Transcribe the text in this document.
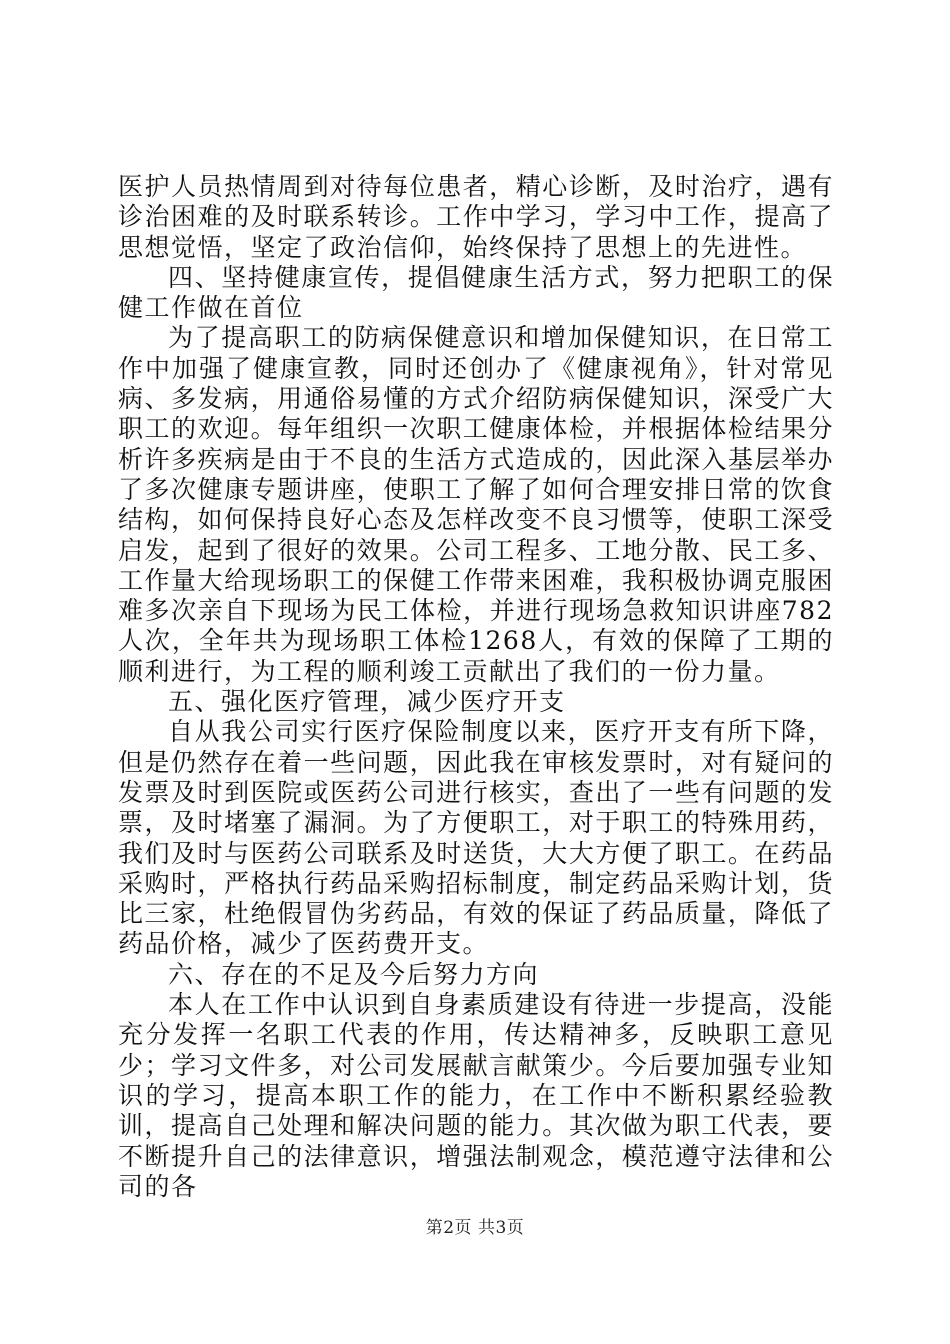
医护人员热情周到对待每位患者，精心诊断，及时治疗，遇有诊治困难的及时联系转诊。工作中学习，学习中工作，提高了思想觉悟，坚定了政治信仰，始终保持了思想上的先进性。

四、坚持健康宣传，提倡健康生活方式，努力把职工的保健工作做在首位

为了提高职工的防病保健意识和增加保健知识，在日常工作中加强了健康宣教，同时还创办了《健康视角》，针对常见病、多发病，用通俗易懂的方式介绍防病保健知识，深受广大职工的欢迎。每年组织一次职工健康体检，并根据体检结果分析许多疾病是由于不良的生活方式造成的，因此深入基层举办了多次健康专题讲座，使职工了解了如何合理安排日常的饮食结构，如何保持良好心态及怎样改变不良习惯等，使职工深受启发，起到了很好的效果。公司工程多、工地分散、民工多、工作量大给现场职工的保健工作带来困难，我积极协调克服困难多次亲自下现场为民工体检，并进行现场急救知识讲座782人次，全年共为现场职工体检1268人，有效的保障了工期的顺利进行，为工程的顺利竣工贡献出了我们的一份力量。

五、强化医疗管理，减少医疗开支

自从我公司实行医疗保险制度以来，医疗开支有所下降，但是仍然存在着一些问题，因此我在审核发票时，对有疑问的发票及时到医院或医药公司进行核实，查出了一些有问题的发票，及时堵塞了漏洞。为了方便职工，对于职工的特殊用药，我们及时与医药公司联系及时送货，大大方便了职工。在药品采购时，严格执行药品采购招标制度，制定药品采购计划，货比三家，杜绝假冒伪劣药品，有效的保证了药品质量，降低了药品价格，减少了医药费开支。

六、存在的不足及今后努力方向

本人在工作中认识到自身素质建设有待进一步提高，没能充分发挥一名职工代表的作用，传达精神多，反映职工意见少；学习文件多，对公司发展献言献策少。今后要加强专业知识的学习，提高本职工作的能力，在工作中不断积累经验教训，提高自己处理和解决问题的能力。其次做为职工代表，要不断提升自己的法律意识，增强法制观念，模范遵守法律和公司的各

第2页 共3页
